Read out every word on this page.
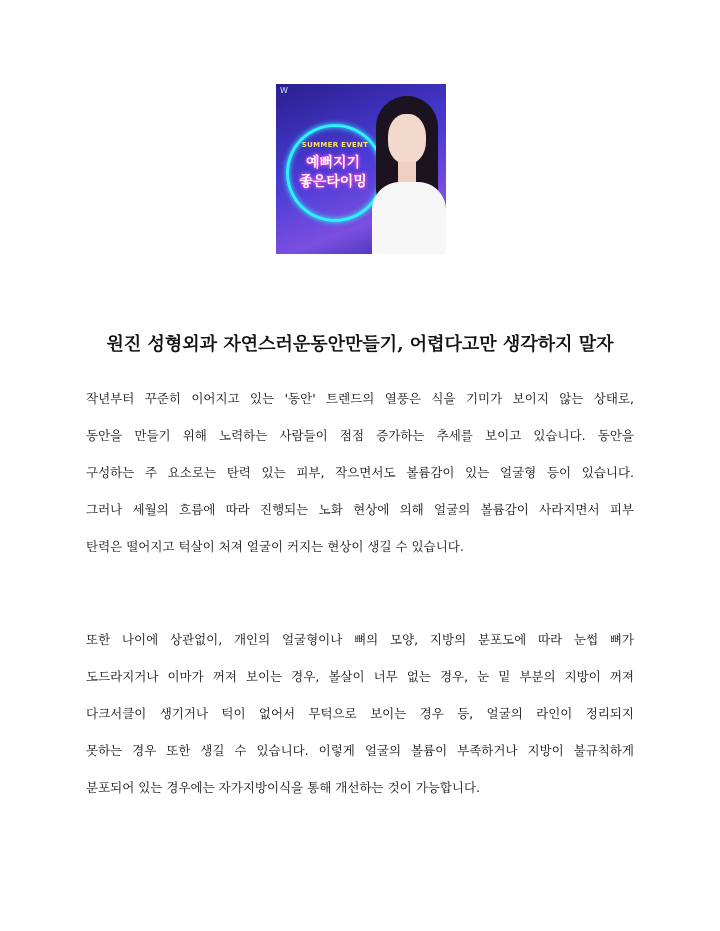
W
SUMMER EVENT
예뻐지기
좋은타이밍
원진 성형외과 자연스러운동안만들기, 어렵다고만 생각하지 말자
작년부터 꾸준히 이어지고 있는 '동안' 트렌드의 열풍은 식을 기미가 보이지 않는 상태로,
동안을 만들기 위해 노력하는 사람들이 점점 증가하는 추세를 보이고 있습니다. 동안을
구성하는 주 요소로는 탄력 있는 피부, 작으면서도 볼륨감이 있는 얼굴형 등이 있습니다.
그러나 세월의 흐름에 따라 진행되는 노화 현상에 의해 얼굴의 볼륨감이 사라지면서 피부
탄력은 떨어지고 턱살이 처져 얼굴이 커지는 현상이 생길 수 있습니다.
또한 나이에 상관없이, 개인의 얼굴형이나 뼈의 모양, 지방의 분포도에 따라 눈썹 뼈가
도드라지거나 이마가 꺼져 보이는 경우, 볼살이 너무 없는 경우, 눈 밑 부분의 지방이 꺼져
다크서클이 생기거나 턱이 없어서 무턱으로 보이는 경우 등, 얼굴의 라인이 정리되지
못하는 경우 또한 생길 수 있습니다. 이렇게 얼굴의 볼륨이 부족하거나 지방이 불규칙하게
분포되어 있는 경우에는 자가지방이식을 통해 개선하는 것이 가능합니다.
